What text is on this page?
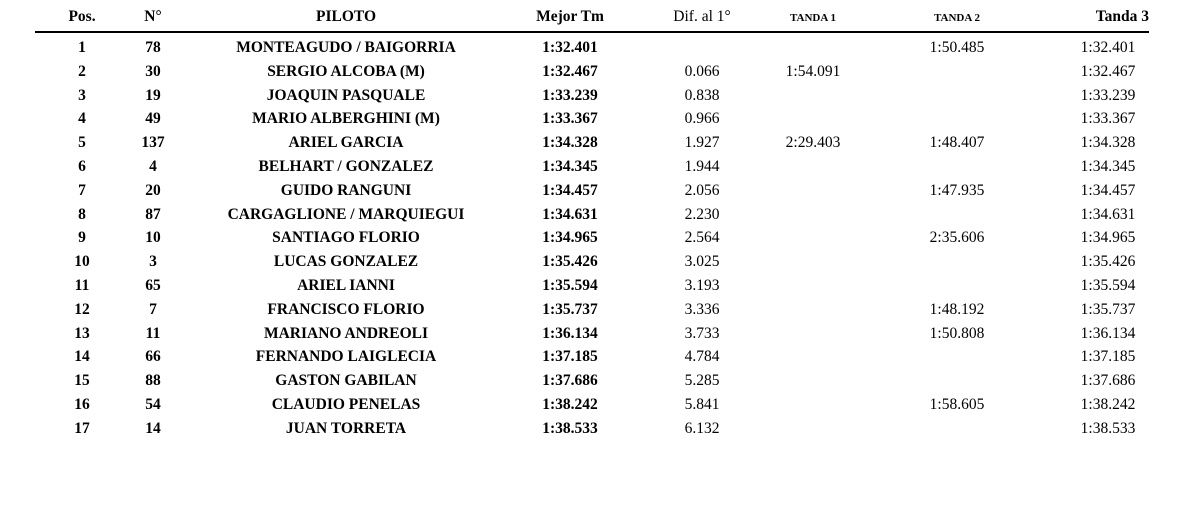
Pos.	N°	PILOTO	Mejor Tm	Dif. al 1°	TANDA 1	TANDA 2	Tanda 3
1	78	MONTEAGUDO / BAIGORRIA	1:32.401			1:50.485	1:32.401
2	30	SERGIO ALCOBA (M)	1:32.467	0.066	1:54.091		1:32.467
3	19	JOAQUIN PASQUALE	1:33.239	0.838			1:33.239
4	49	MARIO ALBERGHINI (M)	1:33.367	0.966			1:33.367
5	137	ARIEL GARCIA	1:34.328	1.927	2:29.403	1:48.407	1:34.328
6	4	BELHART / GONZALEZ	1:34.345	1.944			1:34.345
7	20	GUIDO RANGUNI	1:34.457	2.056		1:47.935	1:34.457
8	87	CARGAGLIONE / MARQUIEGUI	1:34.631	2.230			1:34.631
9	10	SANTIAGO FLORIO	1:34.965	2.564		2:35.606	1:34.965
10	3	LUCAS GONZALEZ	1:35.426	3.025			1:35.426
11	65	ARIEL IANNI	1:35.594	3.193			1:35.594
12	7	FRANCISCO FLORIO	1:35.737	3.336		1:48.192	1:35.737
13	11	MARIANO ANDREOLI	1:36.134	3.733		1:50.808	1:36.134
14	66	FERNANDO LAIGLECIA	1:37.185	4.784			1:37.185
15	88	GASTON GABILAN	1:37.686	5.285			1:37.686
16	54	CLAUDIO PENELAS	1:38.242	5.841		1:58.605	1:38.242
17	14	JUAN TORRETA	1:38.533	6.132			1:38.533
